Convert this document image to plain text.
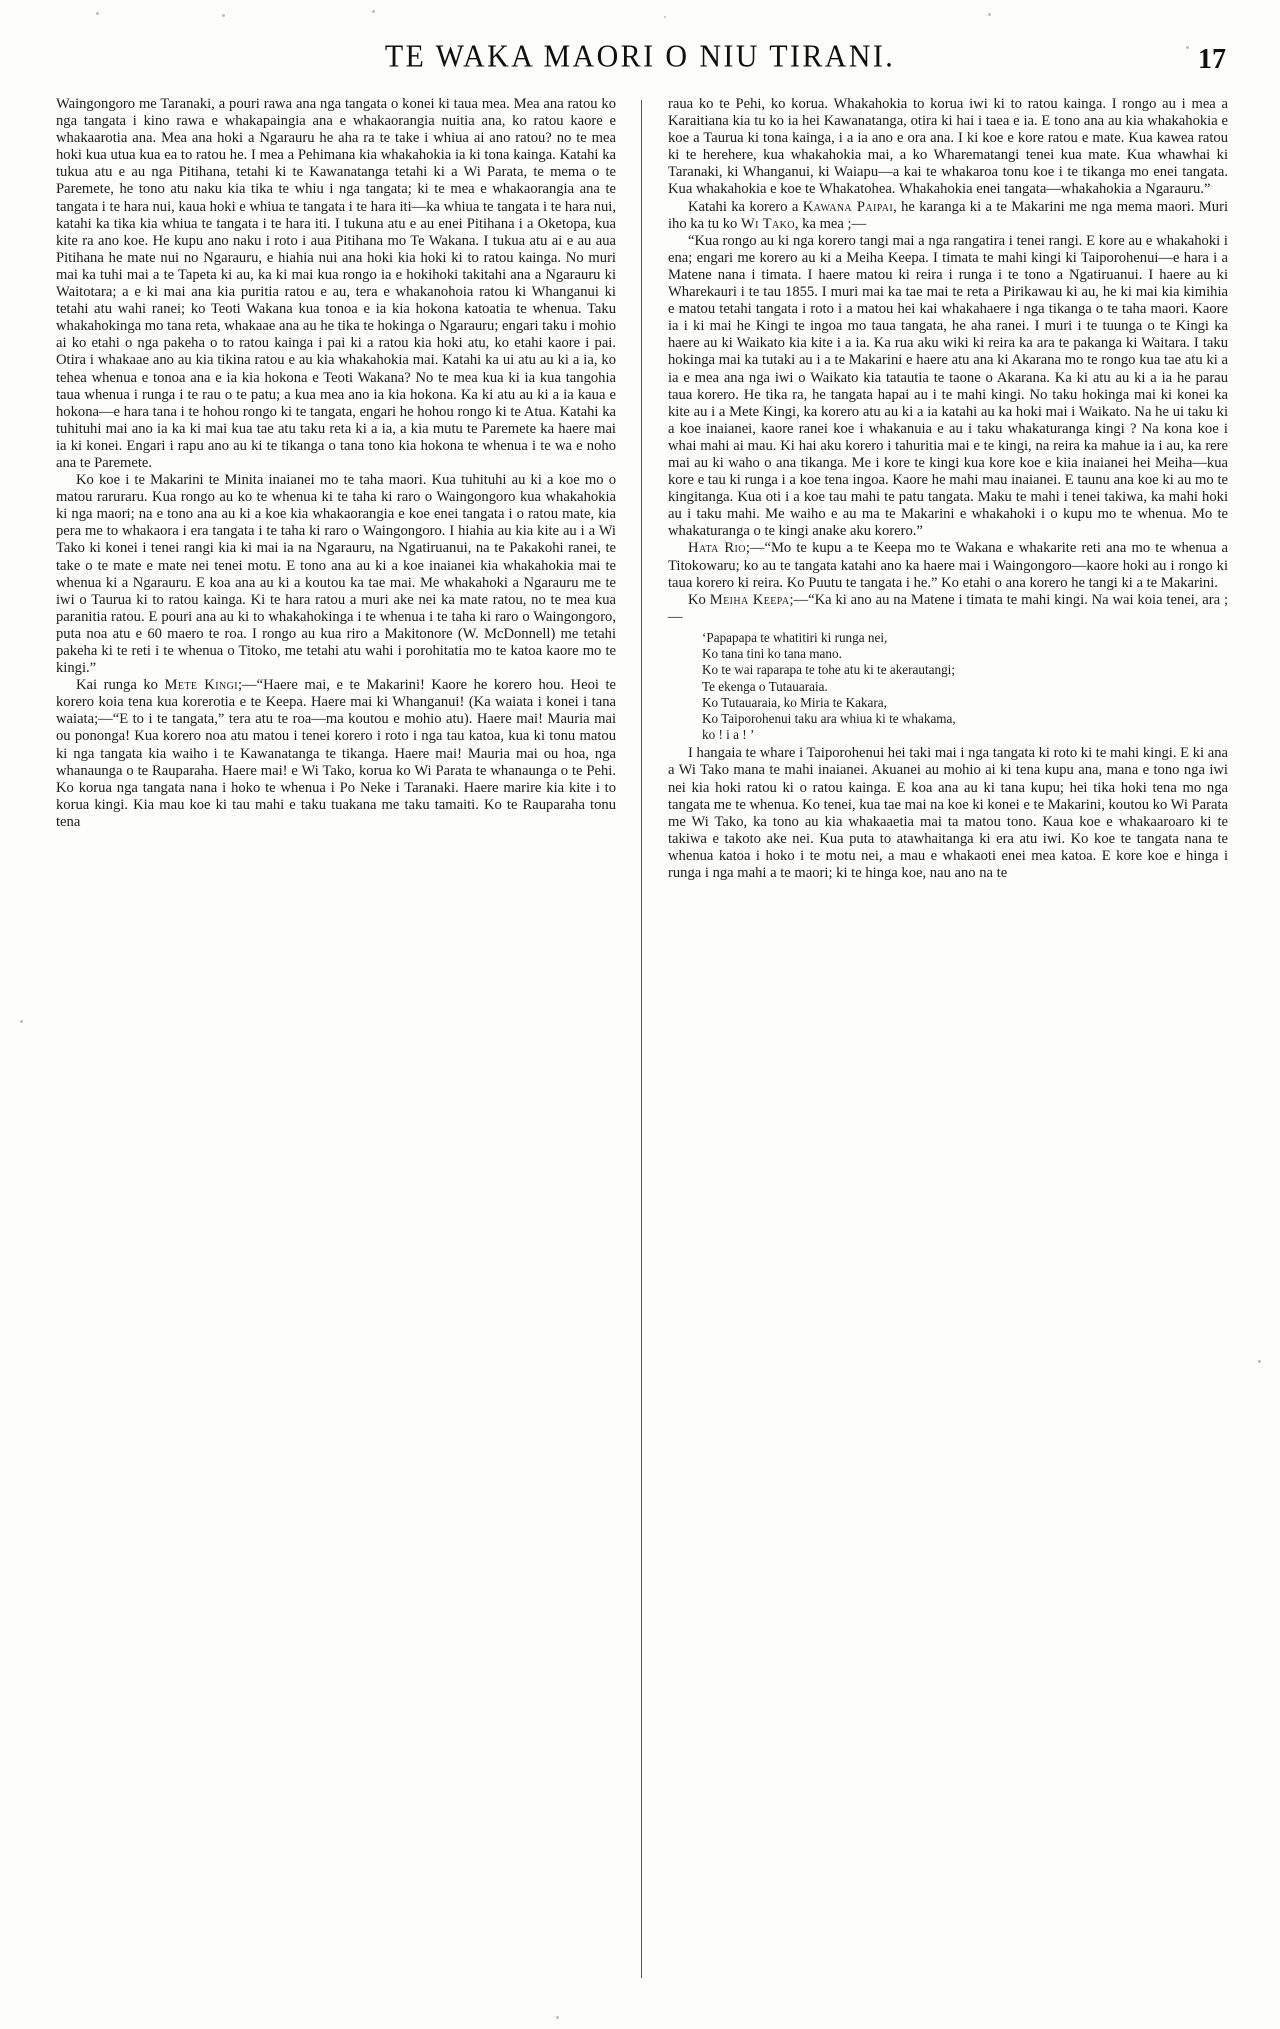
TE WAKA MAORI O NIU TIRANI.	17

Waingongoro me Taranaki, a pouri rawa ana nga tangata o konei ki taua mea. Mea ana ratou ko nga tangata i kino rawa e whakapaingia ana e whakaorangia nuitia ana, ko ratou kaore e whakaarotia ana. Mea ana hoki a Ngarauru he aha ra te take i whiua ai ano ratou? no te mea hoki kua utua kua ea to ratou he. I mea a Pehimana kia whakahokia ia ki tona kainga. Katahi ka tukua atu e au nga Pitihana, tetahi ki te Kawanatanga tetahi ki a Wi Parata, te mema o te Paremete, he tono atu naku kia tika te whiu i nga tangata; ki te mea e whakaorangia ana te tangata i te hara nui, kaua hoki e whiua te tangata i te hara iti—ka whiua te tangata i te hara nui, katahi ka tika kia whiua te tangata i te hara iti. I tukuna atu e au enei Pitihana i a Oketopa, kua kite ra ano koe. He kupu ano naku i roto i aua Pitihana mo Te Wakana. I tukua atu ai e au aua Pitihana he mate nui no Ngarauru, e hiahia nui ana hoki kia hoki ki to ratou kainga. No muri mai ka tuhi mai a te Tapeta ki au, ka ki mai kua rongo ia e hokihoki takitahi ana a Ngarauru ki Waitotara; a e ki mai ana kia puritia ratou e au, tera e whakanohoia ratou ki Whanganui ki tetahi atu wahi ranei; ko Teoti Wakana kua tonoa e ia kia hokona katoatia te whenua. Taku whakahokinga mo tana reta, whakaae ana au he tika te hokinga o Ngarauru; engari taku i mohio ai ko etahi o nga pakeha o to ratou kainga i pai ki a ratou kia hoki atu, ko etahi kaore i pai. Otira i whakaae ano au kia tikina ratou e au kia whakahokia mai. Katahi ka ui atu au ki a ia, ko tehea whenua e tonoa ana e ia kia hokona e Teoti Wakana? No te mea kua ki ia kua tangohia taua whenua i runga i te rau o te patu; a kua mea ano ia kia hokona. Ka ki atu au ki a ia kaua e hokona—e hara tana i te hohou rongo ki te tangata, engari he hohou rongo ki te Atua. Katahi ka tuhituhi mai ano ia ka ki mai kua tae atu taku reta ki a ia, a kia mutu te Paremete ka haere mai ia ki konei. Engari i rapu ano au ki te tikanga o tana tono kia hokona te whenua i te wa e noho ana te Paremete.

Ko koe i te Makarini te Minita inaianei mo te taha maori. Kua tuhituhi au ki a koe mo o matou raruraru. Kua rongo au ko te whenua ki te taha ki raro o Waingongoro kua whakahokia ki nga maori; na e tono ana au ki a koe kia whakaorangia e koe enei tangata i o ratou mate, kia pera me to whakaora i era tangata i te taha ki raro o Waingongoro. I hiahia au kia kite au i a Wi Tako ki konei i tenei rangi kia ki mai ia na Ngarauru, na Ngatiruanui, na te Pakakohi ranei, te take o te mate e mate nei tenei motu. E tono ana au ki a koe inaianei kia whakahokia mai te whenua ki a Ngarauru. E koa ana au ki a koutou ka tae mai. Me whakahoki a Ngarauru me te iwi o Taurua ki to ratou kainga. Ki te hara ratou a muri ake nei ka mate ratou, no te mea kua paranitia ratou. E pouri ana au ki to whakahokinga i te whenua i te taha ki raro o Waingongoro, puta noa atu e 60 maero te roa. I rongo au kua riro a Makitonore (W. McDonnell) me tetahi pakeha ki te reti i te whenua o Titoko, me tetahi atu wahi i porohitatia mo te katoa kaore mo te kingi.”

Kai runga ko Mete Kingi;—“Haere mai, e te Makarini! Kaore he korero hou. Heoi te korero koia tena kua korerotia e te Keepa. Haere mai ki Whanganui! (Ka waiata i konei i tana waiata;—“E to i te tangata,” tera atu te roa—ma koutou e mohio atu). Haere mai! Mauria mai ou pononga! Kua korero noa atu matou i tenei korero i roto i nga tau katoa, kua ki tonu matou ki nga tangata kia waiho i te Kawanatanga te tikanga. Haere mai! Mauria mai ou hoa, nga whanaunga o te Rauparaha. Haere mai! e Wi Tako, korua ko Wi Parata te whanaunga o te Pehi. Ko korua nga tangata nana i hoko te whenua i Po Neke i Taranaki. Haere marire kia kite i to korua kingi. Kia mau koe ki tau mahi e taku tuakana me taku tamaiti. Ko te Rauparaha tonu tena

raua ko te Pehi, ko korua. Whakahokia to korua iwi ki to ratou kainga. I rongo au i mea a Karaitiana kia tu ko ia hei Kawanatanga, otira ki hai i taea e ia. E tono ana au kia whakahokia e koe a Taurua ki tona kainga, i a ia ano e ora ana. I ki koe e kore ratou e mate. Kua kawea ratou ki te herehere, kua whakahokia mai, a ko Wharematangi tenei kua mate. Kua whawhai ki Taranaki, ki Whanganui, ki Waiapu—a kai te whakaroa tonu koe i te tikanga mo enei tangata. Kua whakahokia e koe te Whakatohea. Whakahokia enei tangata—whakahokia a Ngarauru.”

Katahi ka korero a Kawana Paipai, he karanga ki a te Makarini me nga mema maori. Muri iho ka tu ko Wi Tako, ka mea ;—

“Kua rongo au ki nga korero tangi mai a nga rangatira i tenei rangi. E kore au e whakahoki i ena; engari me korero au ki a Meiha Keepa. I timata te mahi kingi ki Taiporohenui—e hara i a Matene nana i timata. I haere matou ki reira i runga i te tono a Ngatiruanui. I haere au ki Wharekauri i te tau 1855. I muri mai ka tae mai te reta a Pirikawau ki au, he ki mai kia kimihia e matou tetahi tangata i roto i a matou hei kai whakahaere i nga tikanga o te taha maori. Kaore ia i ki mai he Kingi te ingoa mo taua tangata, he aha ranei. I muri i te tuunga o te Kingi ka haere au ki Waikato kia kite i a ia. Ka rua aku wiki ki reira ka ara te pakanga ki Waitara. I taku hokinga mai ka tutaki au i a te Makarini e haere atu ana ki Akarana mo te rongo kua tae atu ki a ia e mea ana nga iwi o Waikato kia tatautia te taone o Akarana. Ka ki atu au ki a ia he parau taua korero. He tika ra, he tangata hapai au i te mahi kingi. No taku hokinga mai ki konei ka kite au i a Mete Kingi, ka korero atu au ki a ia katahi au ka hoki mai i Waikato. Na he ui taku ki a koe inaianei, kaore ranei koe i whakanuia e au i taku whakaturanga kingi ? Na kona koe i whai mahi ai mau. Ki hai aku korero i tahuritia mai e te kingi, na reira ka mahue ia i au, ka rere mai au ki waho o ana tikanga. Me i kore te kingi kua kore koe e kiia inaianei hei Meiha—kua kore e tau ki runga i a koe tena ingoa. Kaore he mahi mau inaianei. E taunu ana koe ki au mo te kingitanga. Kua oti i a koe tau mahi te patu tangata. Maku te mahi i tenei takiwa, ka mahi hoki au i taku mahi. Me waiho e au ma te Makarini e whakahoki i o kupu mo te whenua. Mo te whakaturanga o te kingi anake aku korero.”

Hata Rio;—“Mo te kupu a te Keepa mo te Wakana e whakarite reti ana mo te whenua a Titokowaru; ko au te tangata katahi ano ka haere mai i Waingongoro—kaore hoki au i rongo ki taua korero ki reira. Ko Puutu te tangata i he.” Ko etahi o ana korero he tangi ki a te Makarini.

Ko Meiha Keepa;—“Ka ki ano au na Matene i timata te mahi kingi. Na wai koia tenei, ara ;—

‘Papapapa te whatitiri ki runga nei,
Ko tana tini ko tana mano.
Ko te wai raparapa te tohe atu ki te akerautangi;
Te ekenga o Tutauaraia.
Ko Tutauaraia, ko Miria te Kakara,
Ko Taiporohenui taku ara whiua ki te whakama,
ko ! i a ! ’

I hangaia te whare i Taiporohenui hei taki mai i nga tangata ki roto ki te mahi kingi. E ki ana a Wi Tako mana te mahi inaianei. Akuanei au mohio ai ki tena kupu ana, mana e tono nga iwi nei kia hoki ratou ki o ratou kainga. E koa ana au ki tana kupu; hei tika hoki tena mo nga tangata me te whenua. Ko tenei, kua tae mai na koe ki konei e te Makarini, koutou ko Wi Parata me Wi Tako, ka tono au kia whakaaetia mai ta matou tono. Kaua koe e whakaaroaro ki te takiwa e takoto ake nei. Kua puta to atawhaitanga ki era atu iwi. Ko koe te tangata nana te whenua katoa i hoko i te motu nei, a mau e whakaoti enei mea katoa. E kore koe e hinga i runga i nga mahi a te maori; ki te hinga koe, nau ano na te
